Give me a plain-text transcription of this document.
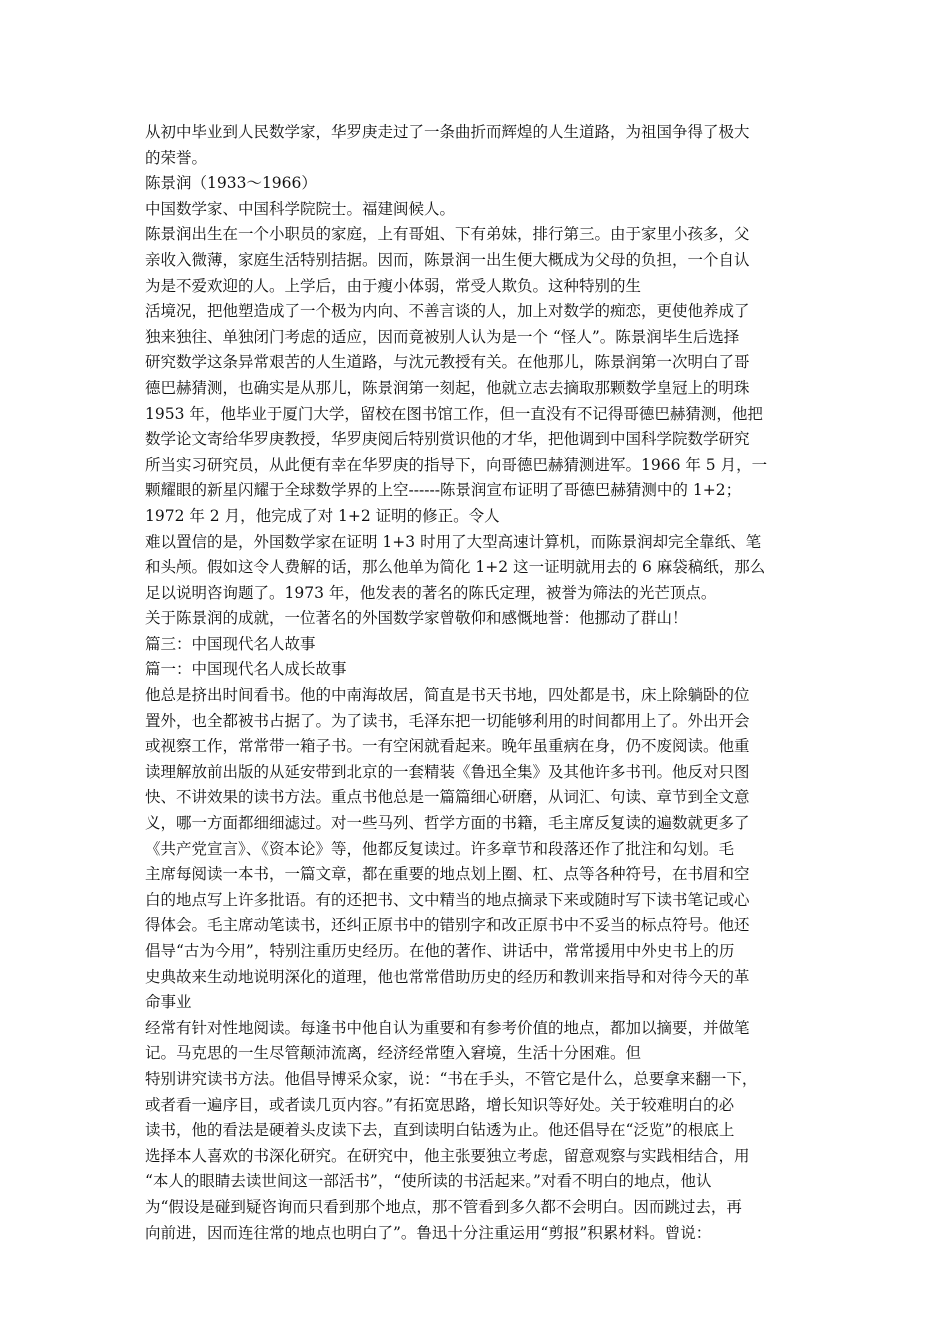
从初中毕业到人民数学家，华罗庚走过了一条曲折而辉煌的人生道路，为祖国争得了极大
的荣誉。
陈景润（1933～1966）
中国数学家、中国科学院院士。福建闽候人。
陈景润出生在一个小职员的家庭，上有哥姐、下有弟妹，排行第三。由于家里小孩多，父
亲收入微薄，家庭生活特别拮据。因而，陈景润一出生便大概成为父母的负担，一个自认
为是不爱欢迎的人。上学后，由于瘦小体弱，常受人欺负。这种特别的生
活境况，把他塑造成了一个极为内向、不善言谈的人，加上对数学的痴恋，更使他养成了
独来独往、单独闭门考虑的适应，因而竟被别人认为是一个 “怪人”。陈景润毕生后选择
研究数学这条异常艰苦的人生道路，与沈元教授有关。在他那儿，陈景润第一次明白了哥
德巴赫猜测，也确实是从那儿，陈景润第一刻起，他就立志去摘取那颗数学皇冠上的明珠
1953 年，他毕业于厦门大学，留校在图书馆工作，但一直没有不记得哥德巴赫猜测，他把
数学论文寄给华罗庚教授，华罗庚阅后特别赏识他的才华，把他调到中国科学院数学研究
所当实习研究员，从此便有幸在华罗庚的指导下，向哥德巴赫猜测进军。1966 年 5 月，一
颗耀眼的新星闪耀于全球数学界的上空------陈景润宣布证明了哥德巴赫猜测中的 1+2；
1972 年 2 月，他完成了对 1+2 证明的修正。令人
难以置信的是，外国数学家在证明 1+3 时用了大型高速计算机，而陈景润却完全靠纸、笔
和头颅。假如这令人费解的话，那么他单为简化 1+2 这一证明就用去的 6 麻袋稿纸，那么
足以说明咨询题了。1973 年，他发表的著名的陈氏定理，被誉为筛法的光芒顶点。
关于陈景润的成就，一位著名的外国数学家曾敬仰和感慨地誉：他挪动了群山！
篇三：中国现代名人故事
篇一：中国现代名人成长故事
他总是挤出时间看书。他的中南海故居，简直是书天书地，四处都是书，床上除躺卧的位
置外，也全都被书占据了。为了读书，毛泽东把一切能够利用的时间都用上了。外出开会
或视察工作，常常带一箱子书。一有空闲就看起来。晚年虽重病在身，仍不废阅读。他重
读理解放前出版的从延安带到北京的一套精装《鲁迅全集》及其他许多书刊。他反对只图
快、不讲效果的读书方法。重点书他总是一篇篇细心研磨，从词汇、句读、章节到全文意
义，哪一方面都细细滤过。对一些马列、哲学方面的书籍，毛主席反复读的遍数就更多了
《共产党宣言》、《资本论》等，他都反复读过。许多章节和段落还作了批注和勾划。毛
主席每阅读一本书，一篇文章，都在重要的地点划上圈、杠、点等各种符号，在书眉和空
白的地点写上许多批语。有的还把书、文中精当的地点摘录下来或随时写下读书笔记或心
得体会。毛主席动笔读书，还纠正原书中的错别字和改正原书中不妥当的标点符号。他还
倡导“古为今用”，特别注重历史经历。在他的著作、讲话中，常常援用中外史书上的历
史典故来生动地说明深化的道理，他也常常借助历史的经历和教训来指导和对待今天的革
命事业
经常有针对性地阅读。每逢书中他自认为重要和有参考价值的地点，都加以摘要，并做笔
记。马克思的一生尽管颠沛流离，经济经常堕入窘境，生活十分困难。但
特别讲究读书方法。他倡导博采众家，说：“书在手头，不管它是什么，总要拿来翻一下，
或者看一遍序目，或者读几页内容。”有拓宽思路，增长知识等好处。关于较难明白的必
读书，他的看法是硬着头皮读下去，直到读明白钻透为止。他还倡导在“泛览”的根底上
选择本人喜欢的书深化研究。在研究中，他主张要独立考虑，留意观察与实践相结合，用
“本人的眼睛去读世间这一部活书”，“使所读的书活起来。”对看不明白的地点，他认
为“假设是碰到疑咨询而只看到那个地点，那不管看到多久都不会明白。因而跳过去，再
向前进，因而连往常的地点也明白了”。鲁迅十分注重运用“剪报”积累材料。曾说：
